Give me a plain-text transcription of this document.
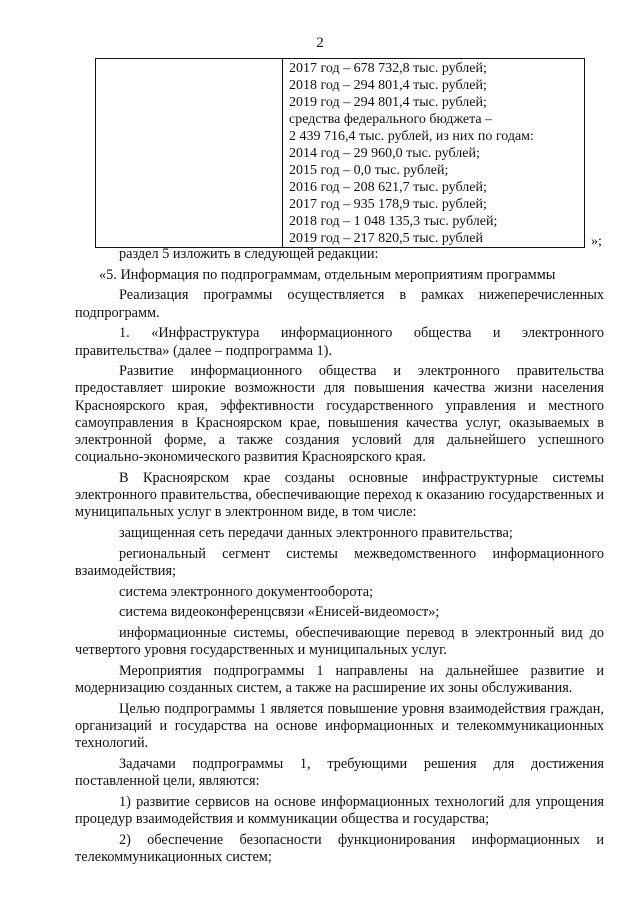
2

2017 год – 678 732,8 тыс. рублей;
2018 год – 294 801,4 тыс. рублей;
2019 год – 294 801,4 тыс. рублей;
средства федерального бюджета –
2 439 716,4 тыс. рублей, из них по годам:
2014 год – 29 960,0 тыс. рублей;
2015 год – 0,0 тыс. рублей;
2016 год – 208 621,7 тыс. рублей;
2017 год – 935 178,9 тыс. рублей;
2018 год – 1 048 135,3 тыс. рублей;
2019 год – 217 820,5 тыс. рублей	»;

раздел 5 изложить в следующей редакции:

«5. Информация по подпрограммам, отдельным мероприятиям программы

Реализация программы осуществляется в рамках нижеперечисленных подпрограмм.

1. «Инфраструктура информационного общества и электронного правительства» (далее – подпрограмма 1).

Развитие информационного общества и электронного правительства предоставляет широкие возможности для повышения качества жизни населения Красноярского края, эффективности государственного управления и местного самоуправления в Красноярском крае, повышения качества услуг, оказываемых в электронной форме, а также создания условий для дальнейшего успешного социально-экономического развития Красноярского края.

В Красноярском крае созданы основные инфраструктурные системы электронного правительства, обеспечивающие переход к оказанию государственных и муниципальных услуг в электронном виде, в том числе:

защищенная сеть передачи данных электронного правительства;

региональный сегмент системы межведомственного информационного взаимодействия;

система электронного документооборота;

система видеоконференцсвязи «Енисей-видеомост»;

информационные системы, обеспечивающие перевод в электронный вид до четвертого уровня государственных и муниципальных услуг.

Мероприятия подпрограммы 1 направлены на дальнейшее развитие и модернизацию созданных систем, а также на расширение их зоны обслуживания.

Целью подпрограммы 1 является повышение уровня взаимодействия граждан, организаций и государства на основе информационных и телекоммуникационных технологий.

Задачами подпрограммы 1, требующими решения для достижения поставленной цели, являются:

1) развитие сервисов на основе информационных технологий для упрощения процедур взаимодействия и коммуникации общества и государства;

2) обеспечение безопасности функционирования информационных и телекоммуникационных систем;
